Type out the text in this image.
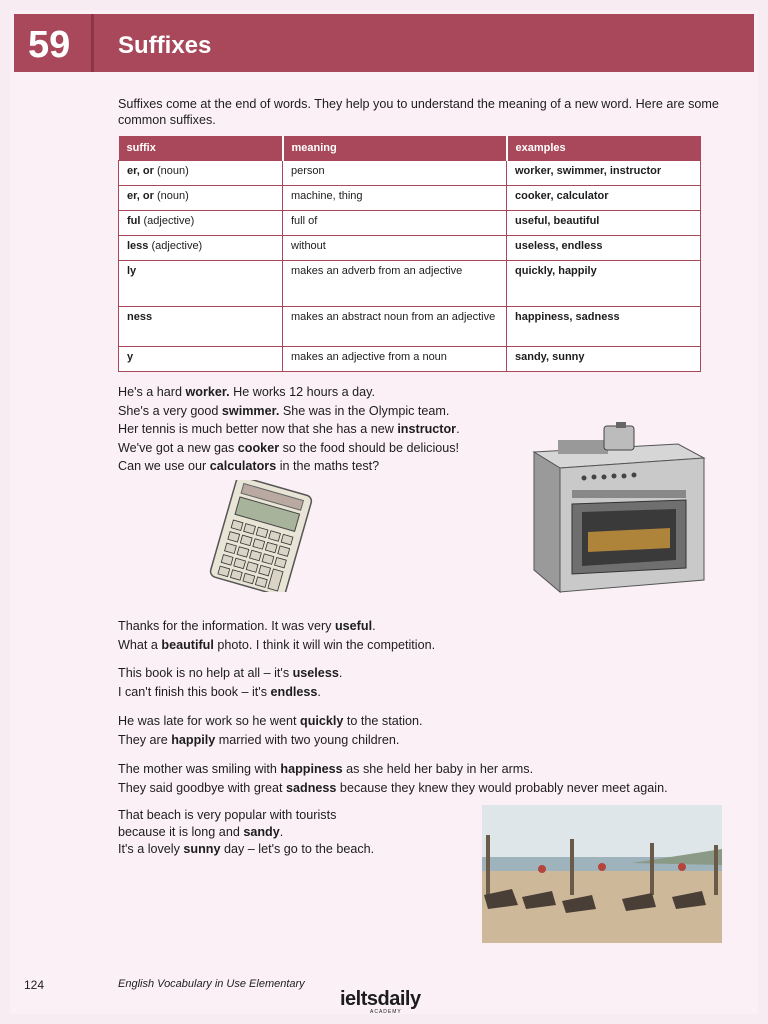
59 Suffixes

Suffixes come at the end of words. They help you to understand the meaning of a new word. Here are some common suffixes.

suffix	meaning	examples
er, or (noun)	person	worker, swimmer, instructor
er, or (noun)	machine, thing	cooker, calculator
ful (adjective)	full of	useful, beautiful
less (adjective)	without	useless, endless
ly	makes an adverb from an adjective	quickly, happily
ness	makes an abstract noun from an adjective	happiness, sadness
y	makes an adjective from a noun	sandy, sunny
He's a hard worker. He works 12 hours a day.
She's a very good swimmer. She was in the Olympic team.
Her tennis is much better now that she has a new instructor.
We've got a new gas cooker so the food should be delicious!
Can we use our calculators in the maths test?
Thanks for the information. It was very useful.
What a beautiful photo. I think it will win the competition.
This book is no help at all – it's useless.
I can't finish this book – it's endless.
He was late for work so he went quickly to the station.
They are happily married with two young children.
The mother was smiling with happiness as she held her baby in her arms.
They said goodbye with great sadness because they knew they would probably never meet again.
That beach is very popular with tourists
because it is long and sandy.
It's a lovely sunny day – let's go to the beach.
124	English Vocabulary in Use Elementary
ieltsdaily
ACADEMY
